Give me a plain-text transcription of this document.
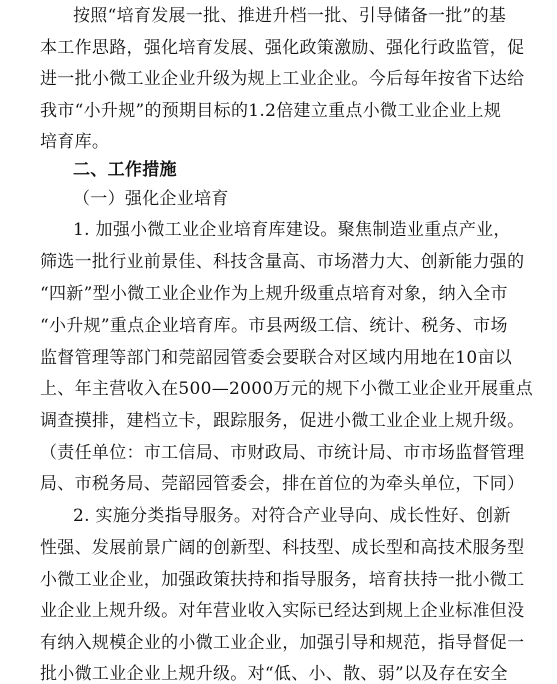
按照“培育发展一批、推进升档一批、引导储备一批”的基
本工作思路，强化培育发展、强化政策激励、强化行政监管，促
进一批小微工业企业升级为规上工业企业。今后每年按省下达给
我市“小升规”的预期目标的1.2倍建立重点小微工业企业上规
培育库。
二、工作措施
（一）强化企业培育
1. 加强小微工业企业培育库建设。聚焦制造业重点产业，
筛选一批行业前景佳、科技含量高、市场潜力大、创新能力强的
“四新”型小微工业企业作为上规升级重点培育对象，纳入全市
“小升规”重点企业培育库。市县两级工信、统计、税务、市场
监督管理等部门和莞韶园管委会要联合对区域内用地在10亩以
上、年主营收入在500—2000万元的规下小微工业企业开展重点
调查摸排，建档立卡，跟踪服务，促进小微工业企业上规升级。
（责任单位：市工信局、市财政局、市统计局、市市场监督管理
局、市税务局、莞韶园管委会，排在首位的为牵头单位，下同）
2. 实施分类指导服务。对符合产业导向、成长性好、创新
性强、发展前景广阔的创新型、科技型、成长型和高技术服务型
小微工业企业，加强政策扶持和指导服务，培育扶持一批小微工
业企业上规升级。对年营业收入实际已经达到规上企业标准但没
有纳入规模企业的小微工业企业，加强引导和规范，指导督促一
批小微工业企业上规升级。对“低、小、散、弱”以及存在安全
